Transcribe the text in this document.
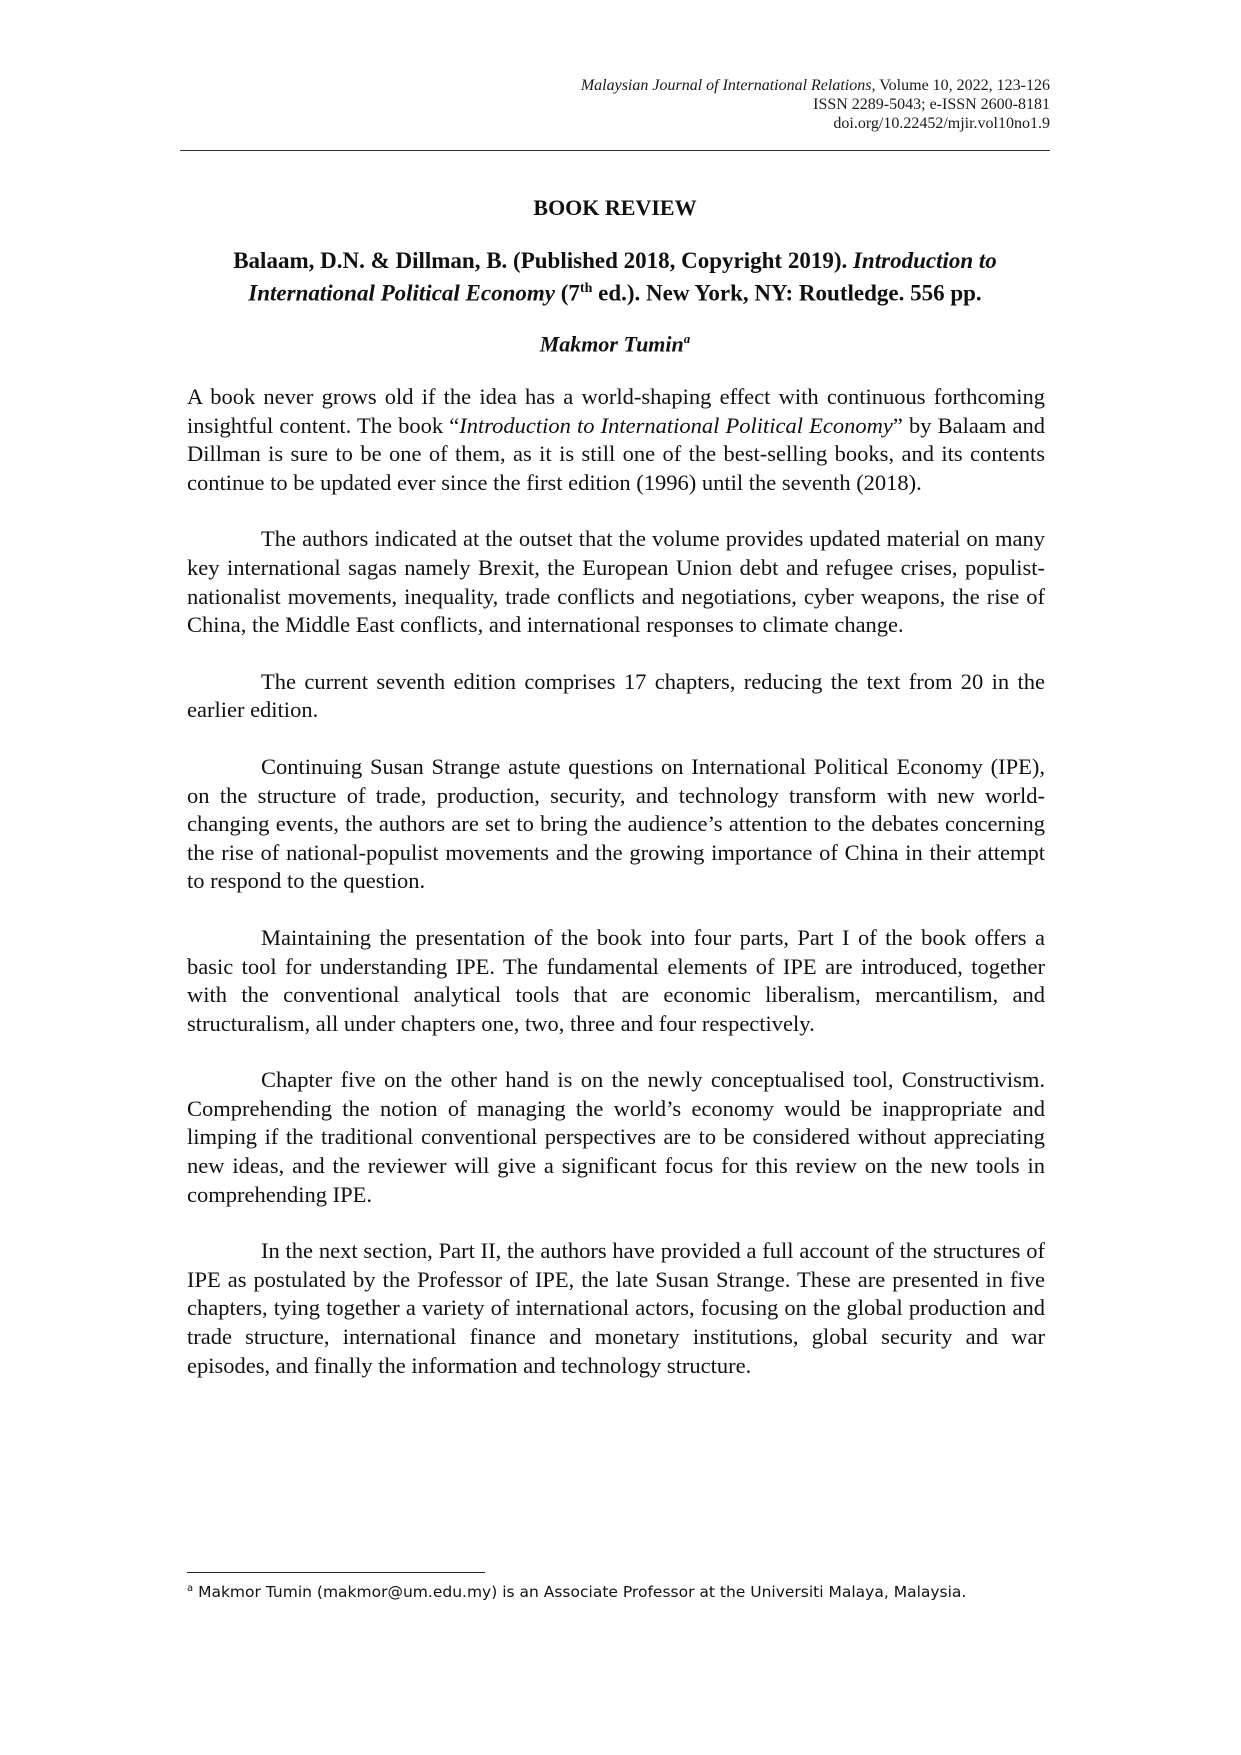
Malaysian Journal of International Relations, Volume 10, 2022, 123-126
ISSN 2289-5043; e-ISSN 2600-8181
doi.org/10.22452/mjir.vol10no1.9
BOOK REVIEW
Balaam, D.N. & Dillman, B. (Published 2018, Copyright 2019). Introduction to
International Political Economy (7th ed.). New York, NY: Routledge. 556 pp.
Makmor Tumin$^a$

A book never grows old if the idea has a world-shaping effect with continuous forthcoming insightful content. The book “Introduction to International Political Economy” by Balaam and Dillman is sure to be one of them, as it is still one of the best-selling books, and its contents continue to be updated ever since the first edition (1996) until the seventh (2018).

The authors indicated at the outset that the volume provides updated material on many key international sagas namely Brexit, the European Union debt and refugee crises, populist-nationalist movements, inequality, trade conflicts and negotiations, cyber weapons, the rise of China, the Middle East conflicts, and international responses to climate change.

The current seventh edition comprises 17 chapters, reducing the text from 20 in the earlier edition.

Continuing Susan Strange astute questions on International Political Economy (IPE), on the structure of trade, production, security, and technology transform with new world-changing events, the authors are set to bring the audience’s attention to the debates concerning the rise of national-populist movements and the growing importance of China in their attempt to respond to the question.

Maintaining the presentation of the book into four parts, Part I of the book offers a basic tool for understanding IPE. The fundamental elements of IPE are introduced, together with the conventional analytical tools that are economic liberalism, mercantilism, and structuralism, all under chapters one, two, three and four respectively.

Chapter five on the other hand is on the newly conceptualised tool, Constructivism. Comprehending the notion of managing the world’s economy would be inappropriate and limping if the traditional conventional perspectives are to be considered without appreciating new ideas, and the reviewer will give a significant focus for this review on the new tools in comprehending IPE.

In the next section, Part II, the authors have provided a full account of the structures of IPE as postulated by the Professor of IPE, the late Susan Strange. These are presented in five chapters, tying together a variety of international actors, focusing on the global production and trade structure, international finance and monetary institutions, global security and war episodes, and finally the information and technology structure.

$^a$ Makmor Tumin (makmor@um.edu.my) is an Associate Professor at the Universiti Malaya, Malaysia.
